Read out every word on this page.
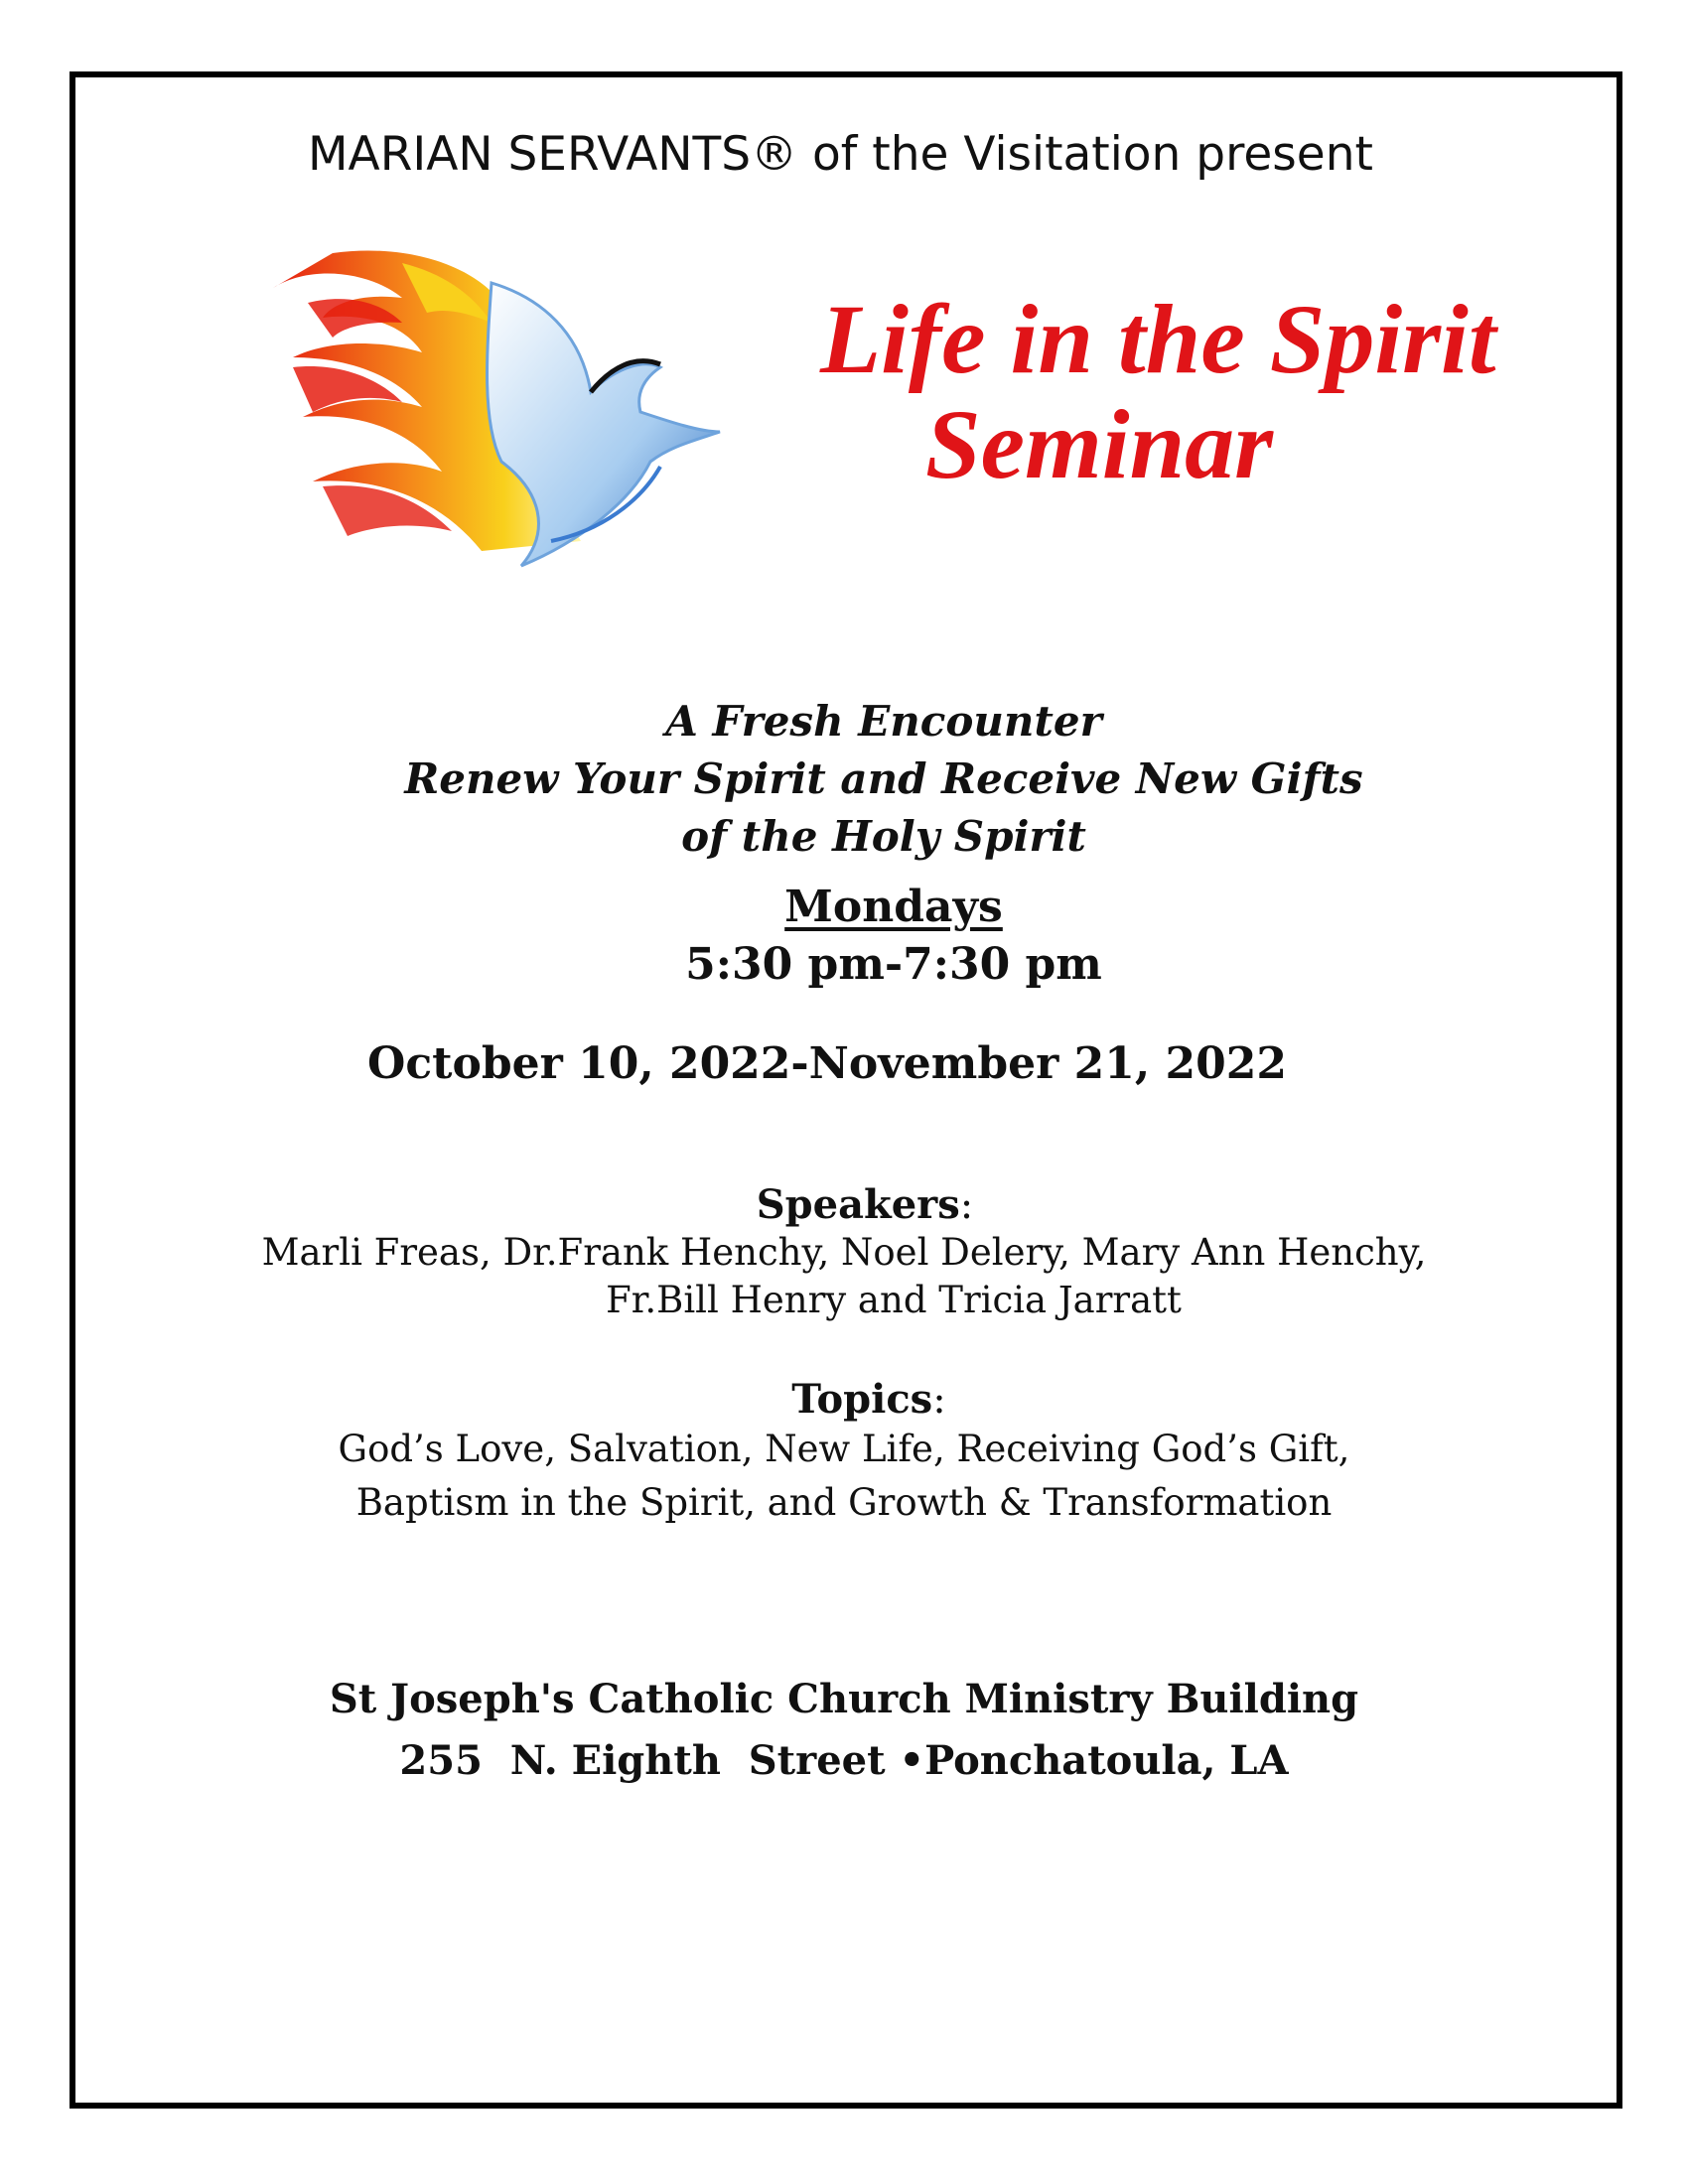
MARIAN SERVANTS® of the Visitation present
Life in the Spirit
Seminar
A Fresh Encounter
Renew Your Spirit and Receive New Gifts
of the Holy Spirit
Mondays
5:30 pm-7:30 pm
October 10, 2022-November 21, 2022
Speakers:
Marli Freas, Dr.Frank Henchy, Noel Delery, Mary Ann Henchy,
Fr.Bill Henry and Tricia Jarratt
Topics:
God’s Love, Salvation, New Life, Receiving God’s Gift,
Baptism in the Spirit, and Growth & Transformation
St Joseph's Catholic Church Ministry Building
255  N. Eighth  Street •Ponchatoula, LA
